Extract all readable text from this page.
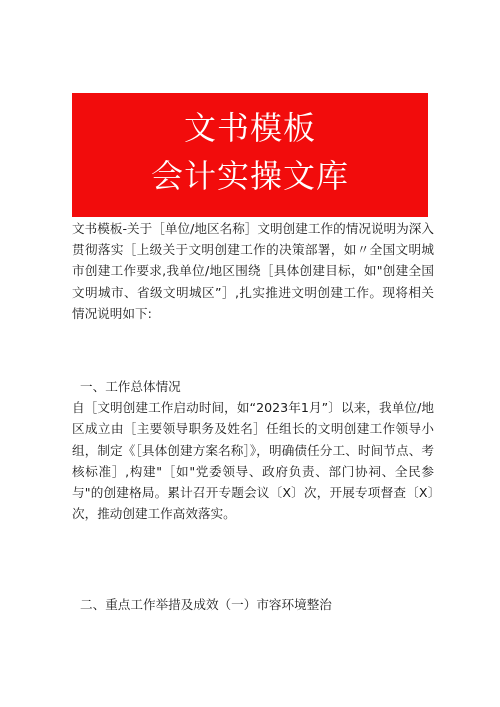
文书模板
会计实操文库
文书模板-关于［单位/地区名称］文明创建工作的情况说明为深入贯彻落实［上级关于文明创建工作的决策部署，如〃全国文明城市创建工作要求,我单位/地区围绕［具体创建目标，如"创建全国文明城市、省级文明城区”］,扎实推进文明创建工作。现将相关情况说明如下:
一、工作总体情况
自［文明创建工作启动时间，如“2023年1月”〕以来，我单位/地区成立由［主要领导职务及姓名］任组长的文明创建工作领导小组，制定《［具体创建方案名称］》，明确债任分工、时间节点、考核标准］,构建"［如"党委领导、政府负责、部门协祠、全民参与"的创建格局。累计召开专题会议〔X〕次，开展专项督查〔X〕次，推动创建工作高效落实。
二、重点工作举措及成效（一）市容环境整治
